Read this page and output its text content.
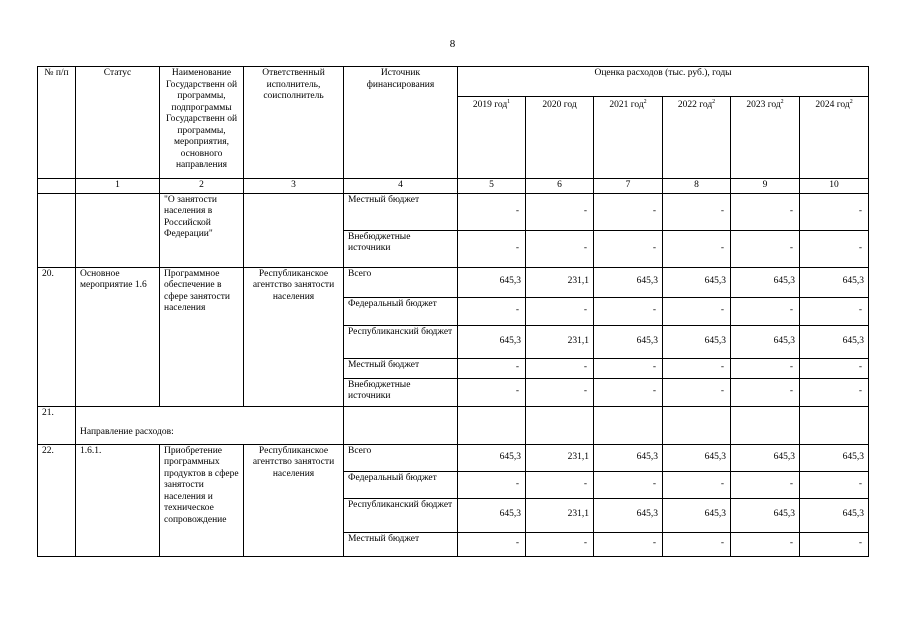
8
№ п/п	Статус	Наименование Государственн ой программы, подпрограммы Государственн ой программы, мероприятия, основного направления	Ответственный исполнитель, соисполнитель	Источник финансирования	Оценка расходов (тыс. руб.), годы					
					2019 год$^1$	2020 год	2021 год$^2$	2022 год$^2$	2023 год$^2$	2024 год$^2$
	1	2	3	4	5	6	7	8	9	10
		"О занятости населения в Российской Федерации"		Местный бюджет	-	-	-	-	-	-
				Внебюджетные источники	-	-	-	-	-	-
20.	Основное мероприятие 1.6	Программное обеспечение в сфере занятости населения	Республиканское агентство занятости населения	Всего	645,3	231,1	645,3	645,3	645,3	645,3
				Федеральный бюджет	-	-	-	-	-	-
				Республиканский бюджет	645,3	231,1	645,3	645,3	645,3	645,3
				Местный бюджет	-	-	-	-	-	-
				Внебюджетные источники	-	-	-	-	-	-
21.	Направление расходов:									
22.	1.6.1.	Приобретение программных продуктов в сфере занятости населения и техническое сопровождение	Республиканское агентство занятости населения	Всего	645,3	231,1	645,3	645,3	645,3	645,3
				Федеральный бюджет	-	-	-	-	-	-
				Республиканский бюджет	645,3	231,1	645,3	645,3	645,3	645,3
				Местный бюджет	-	-	-	-	-	-
